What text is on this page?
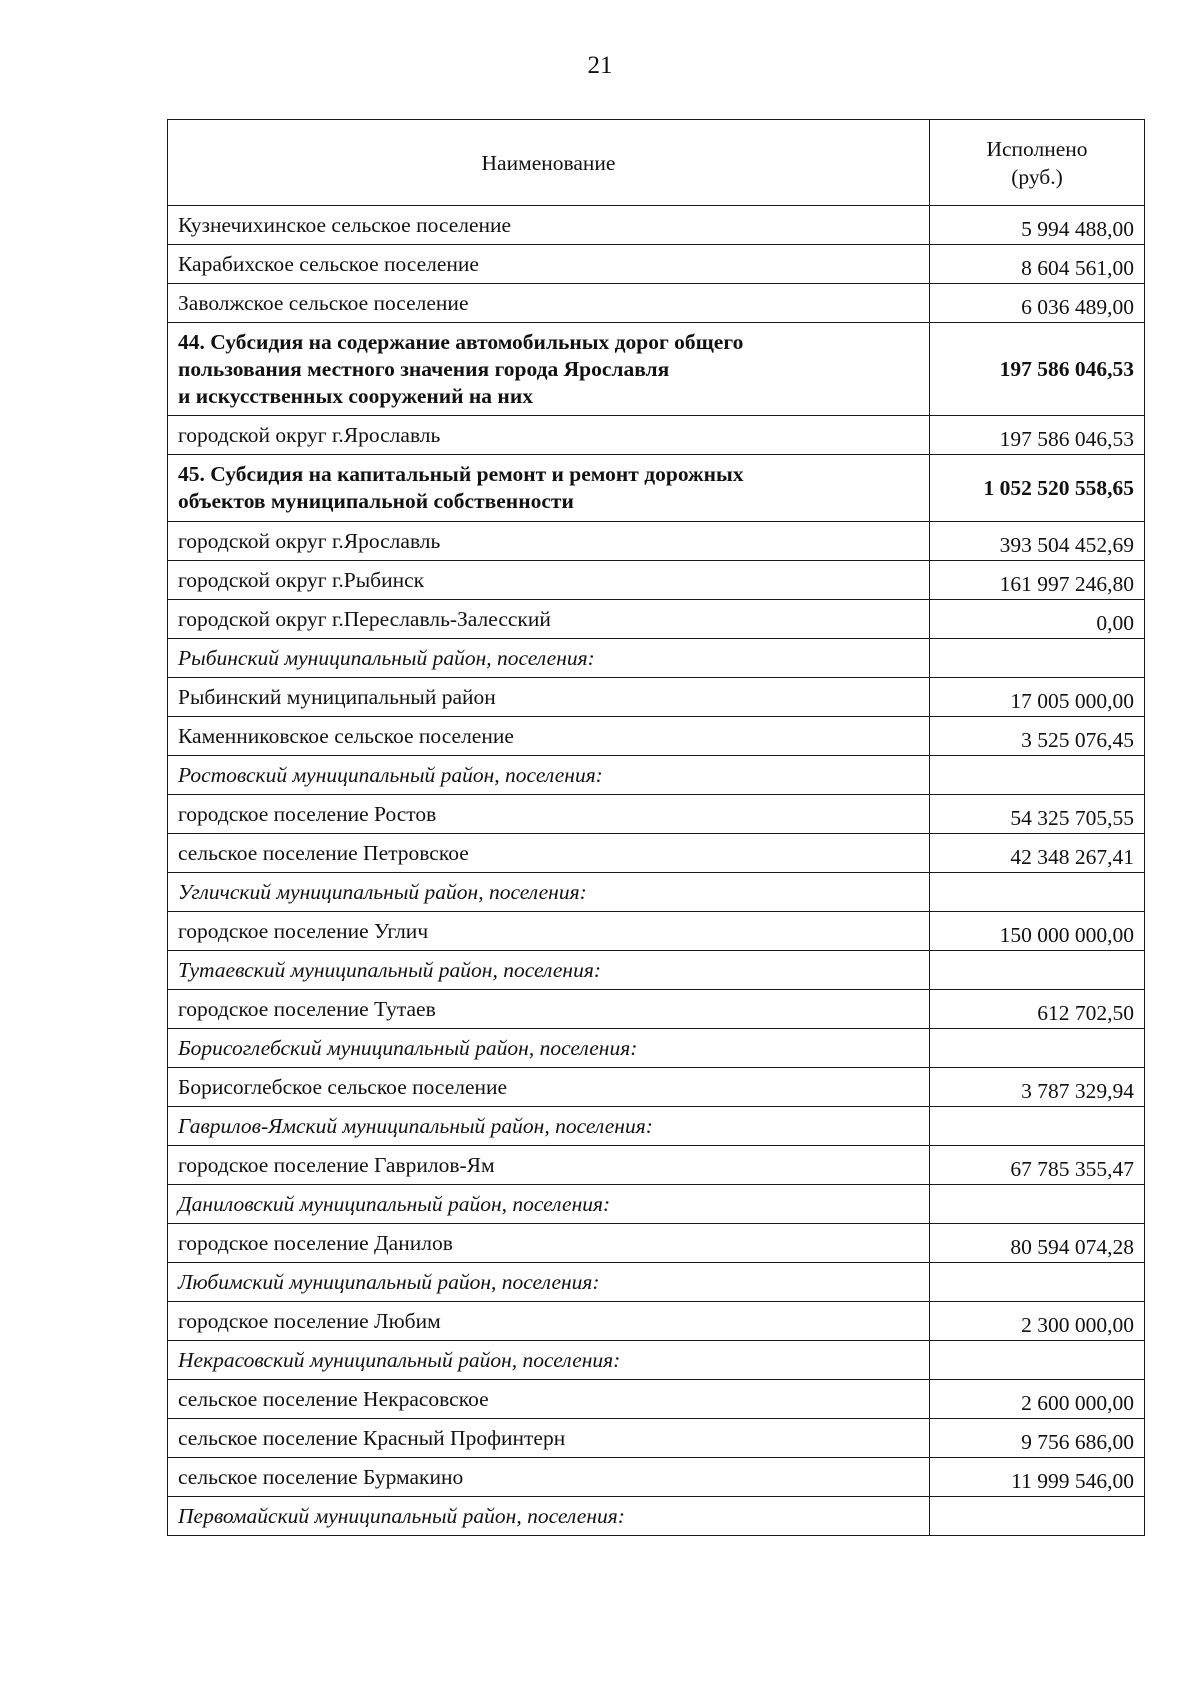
21
Наименование	Исполнено
(руб.)
Кузнечихинское сельское поселение	5 994 488,00
Карабихское сельское поселение	8 604 561,00
Заволжское сельское поселение	6 036 489,00
44. Субсидия на содержание автомобильных дорог общего
пользования местного значения города Ярославля
и искусственных сооружений на них	197 586 046,53
городской округ г.Ярославль	197 586 046,53
45. Субсидия на капитальный ремонт и ремонт дорожных
объектов муниципальной собственности	1 052 520 558,65
городской округ г.Ярославль	393 504 452,69
городской округ г.Рыбинск	161 997 246,80
городской округ г.Переславль-Залесский	0,00
Рыбинский муниципальный район, поселения:	
Рыбинский муниципальный район	17 005 000,00
Каменниковское сельское поселение	3 525 076,45
Ростовский муниципальный район, поселения:	
городское поселение Ростов	54 325 705,55
сельское поселение Петровское	42 348 267,41
Угличский муниципальный район, поселения:	
городское поселение Углич	150 000 000,00
Тутаевский муниципальный район, поселения:	
городское поселение Тутаев	612 702,50
Борисоглебский муниципальный район, поселения:	
Борисоглебское сельское поселение	3 787 329,94
Гаврилов-Ямский муниципальный район, поселения:	
городское поселение Гаврилов-Ям	67 785 355,47
Даниловский муниципальный район, поселения:	
городское поселение Данилов	80 594 074,28
Любимский муниципальный район, поселения:	
городское поселение Любим	2 300 000,00
Некрасовский муниципальный район, поселения:	
сельское поселение Некрасовское	2 600 000,00
сельское поселение Красный Профинтерн	9 756 686,00
сельское поселение Бурмакино	11 999 546,00
Первомайский муниципальный район, поселения:	
